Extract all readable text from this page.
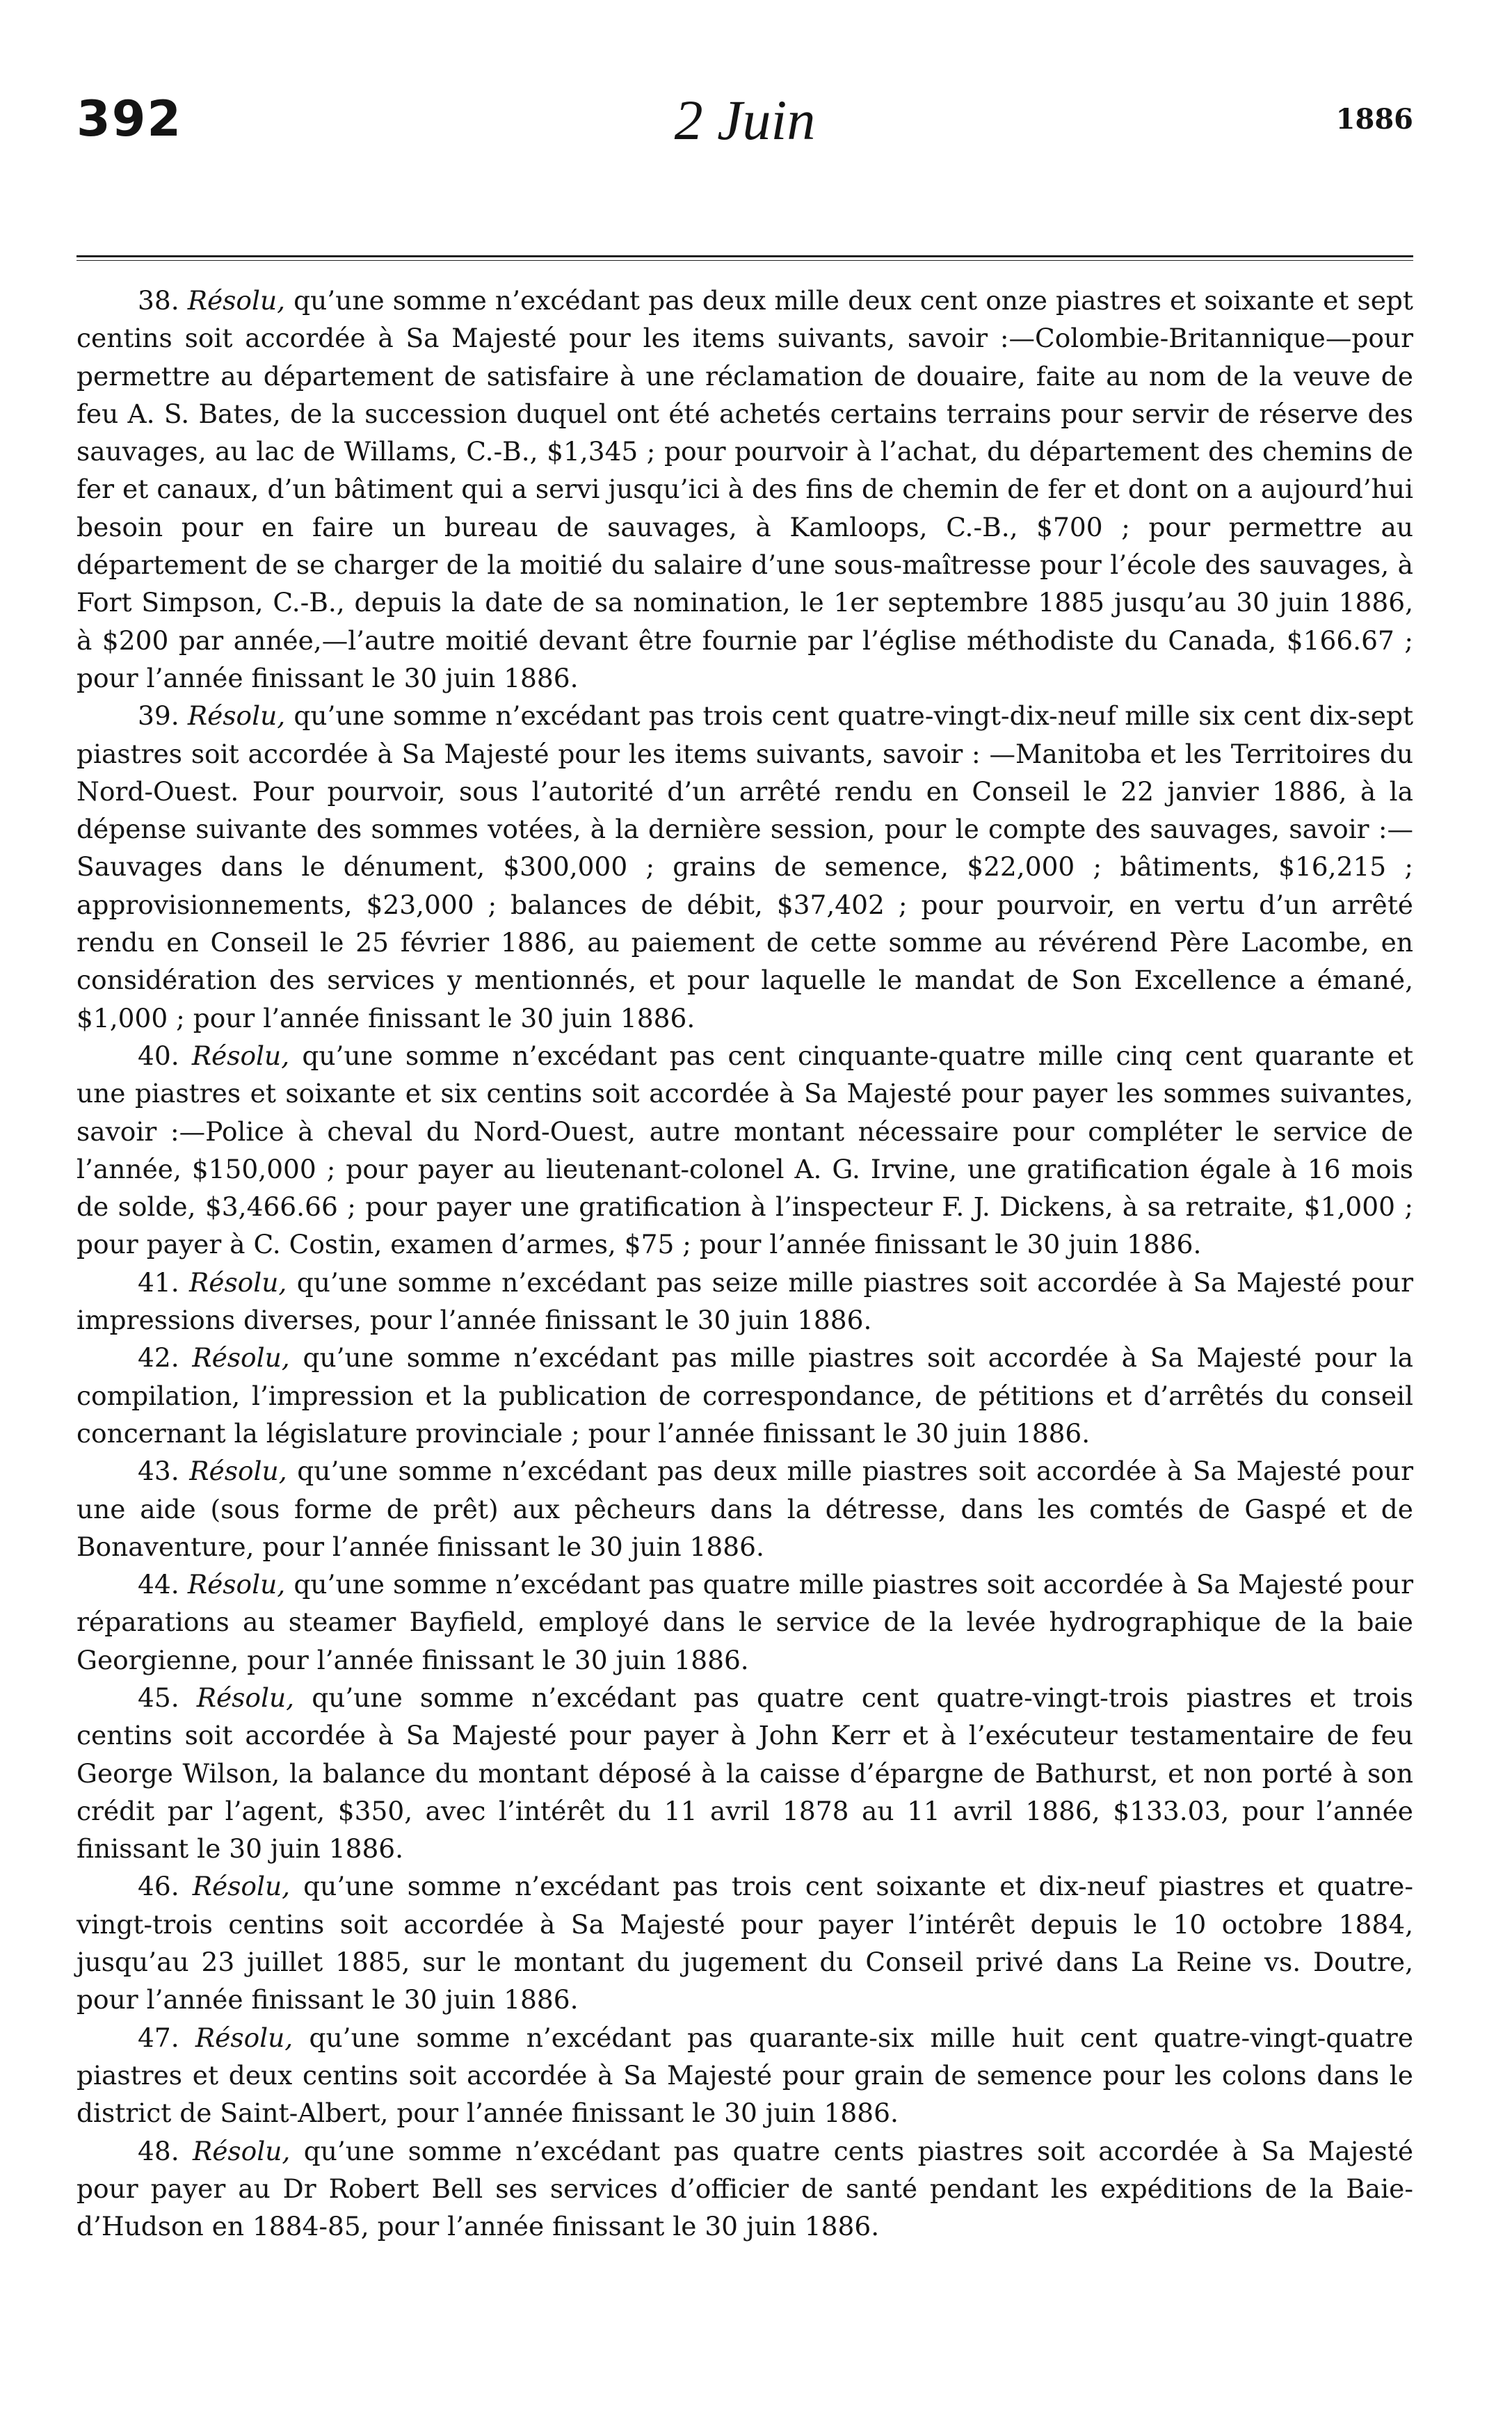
392	2 Juin	1886

38. Résolu, qu’une somme n’excédant pas deux mille deux cent onze piastres et soixante et sept centins soit accordée à Sa Majesté pour les items suivants, savoir :—Colombie-Britannique—pour permettre au département de satisfaire à une réclamation de douaire, faite au nom de la veuve de feu A. S. Bates, de la succession duquel ont été achetés certains terrains pour servir de réserve des sauvages, au lac de Willams, C.-B., $1,345 ; pour pourvoir à l’achat, du département des chemins de fer et canaux, d’un bâtiment qui a servi jusqu’ici à des fins de chemin de fer et dont on a aujourd’hui besoin pour en faire un bureau de sauvages, à Kamloops, C.-B., $700 ; pour permettre au département de se charger de la moitié du salaire d’une sous-maîtresse pour l’école des sauvages, à Fort Simpson, C.-B., depuis la date de sa nomination, le 1er septembre 1885 jusqu’au 30 juin 1886, à $200 par année,—l’autre moitié devant être fournie par l’église méthodiste du Canada, $166.67 ; pour l’année finissant le 30 juin 1886.

39. Résolu, qu’une somme n’excédant pas trois cent quatre-vingt-dix-neuf mille six cent dix-sept piastres soit accordée à Sa Majesté pour les items suivants, savoir : —Manitoba et les Territoires du Nord-Ouest. Pour pourvoir, sous l’autorité d’un arrêté rendu en Conseil le 22 janvier 1886, à la dépense suivante des sommes votées, à la dernière session, pour le compte des sauvages, savoir :—Sauvages dans le dénument, $300,000 ; grains de semence, $22,000 ; bâtiments, $16,215 ; approvisionnements, $23,000 ; balances de débit, $37,402 ; pour pourvoir, en vertu d’un arrêté rendu en Conseil le 25 février 1886, au paiement de cette somme au révérend Père Lacombe, en considération des services y mentionnés, et pour laquelle le mandat de Son Excellence a émané, $1,000 ; pour l’année finissant le 30 juin 1886.

40. Résolu, qu’une somme n’excédant pas cent cinquante-quatre mille cinq cent quarante et une piastres et soixante et six centins soit accordée à Sa Majesté pour payer les sommes suivantes, savoir :—Police à cheval du Nord-Ouest, autre montant nécessaire pour compléter le service de l’année, $150,000 ; pour payer au lieutenant-colonel A. G. Irvine, une gratification égale à 16 mois de solde, $3,466.66 ; pour payer une gratification à l’inspecteur F. J. Dickens, à sa retraite, $1,000 ; pour payer à C. Costin, examen d’armes, $75 ; pour l’année finissant le 30 juin 1886.

41. Résolu, qu’une somme n’excédant pas seize mille piastres soit accordée à Sa Majesté pour impressions diverses, pour l’année finissant le 30 juin 1886.

42. Résolu, qu’une somme n’excédant pas mille piastres soit accordée à Sa Majesté pour la compilation, l’impression et la publication de correspondance, de pétitions et d’arrêtés du conseil concernant la législature provinciale ; pour l’année finissant le 30 juin 1886.

43. Résolu, qu’une somme n’excédant pas deux mille piastres soit accordée à Sa Majesté pour une aide (sous forme de prêt) aux pêcheurs dans la détresse, dans les comtés de Gaspé et de Bonaventure, pour l’année finissant le 30 juin 1886.

44. Résolu, qu’une somme n’excédant pas quatre mille piastres soit accordée à Sa Majesté pour réparations au steamer Bayfield, employé dans le service de la levée hydrographique de la baie Georgienne, pour l’année finissant le 30 juin 1886.

45. Résolu, qu’une somme n’excédant pas quatre cent quatre-vingt-trois piastres et trois centins soit accordée à Sa Majesté pour payer à John Kerr et à l’exécuteur testamentaire de feu George Wilson, la balance du montant déposé à la caisse d’épargne de Bathurst, et non porté à son crédit par l’agent, $350, avec l’intérêt du 11 avril 1878 au 11 avril 1886, $133.03, pour l’année finissant le 30 juin 1886.

46. Résolu, qu’une somme n’excédant pas trois cent soixante et dix-neuf piastres et quatre-vingt-trois centins soit accordée à Sa Majesté pour payer l’intérêt depuis le 10 octobre 1884, jusqu’au 23 juillet 1885, sur le montant du jugement du Conseil privé dans La Reine vs. Doutre, pour l’année finissant le 30 juin 1886.

47. Résolu, qu’une somme n’excédant pas quarante-six mille huit cent quatre-vingt-quatre piastres et deux centins soit accordée à Sa Majesté pour grain de semence pour les colons dans le district de Saint-Albert, pour l’année finissant le 30 juin 1886.

48. Résolu, qu’une somme n’excédant pas quatre cents piastres soit accordée à Sa Majesté pour payer au Dr Robert Bell ses services d’officier de santé pendant les expéditions de la Baie-d’Hudson en 1884-85, pour l’année finissant le 30 juin 1886.
